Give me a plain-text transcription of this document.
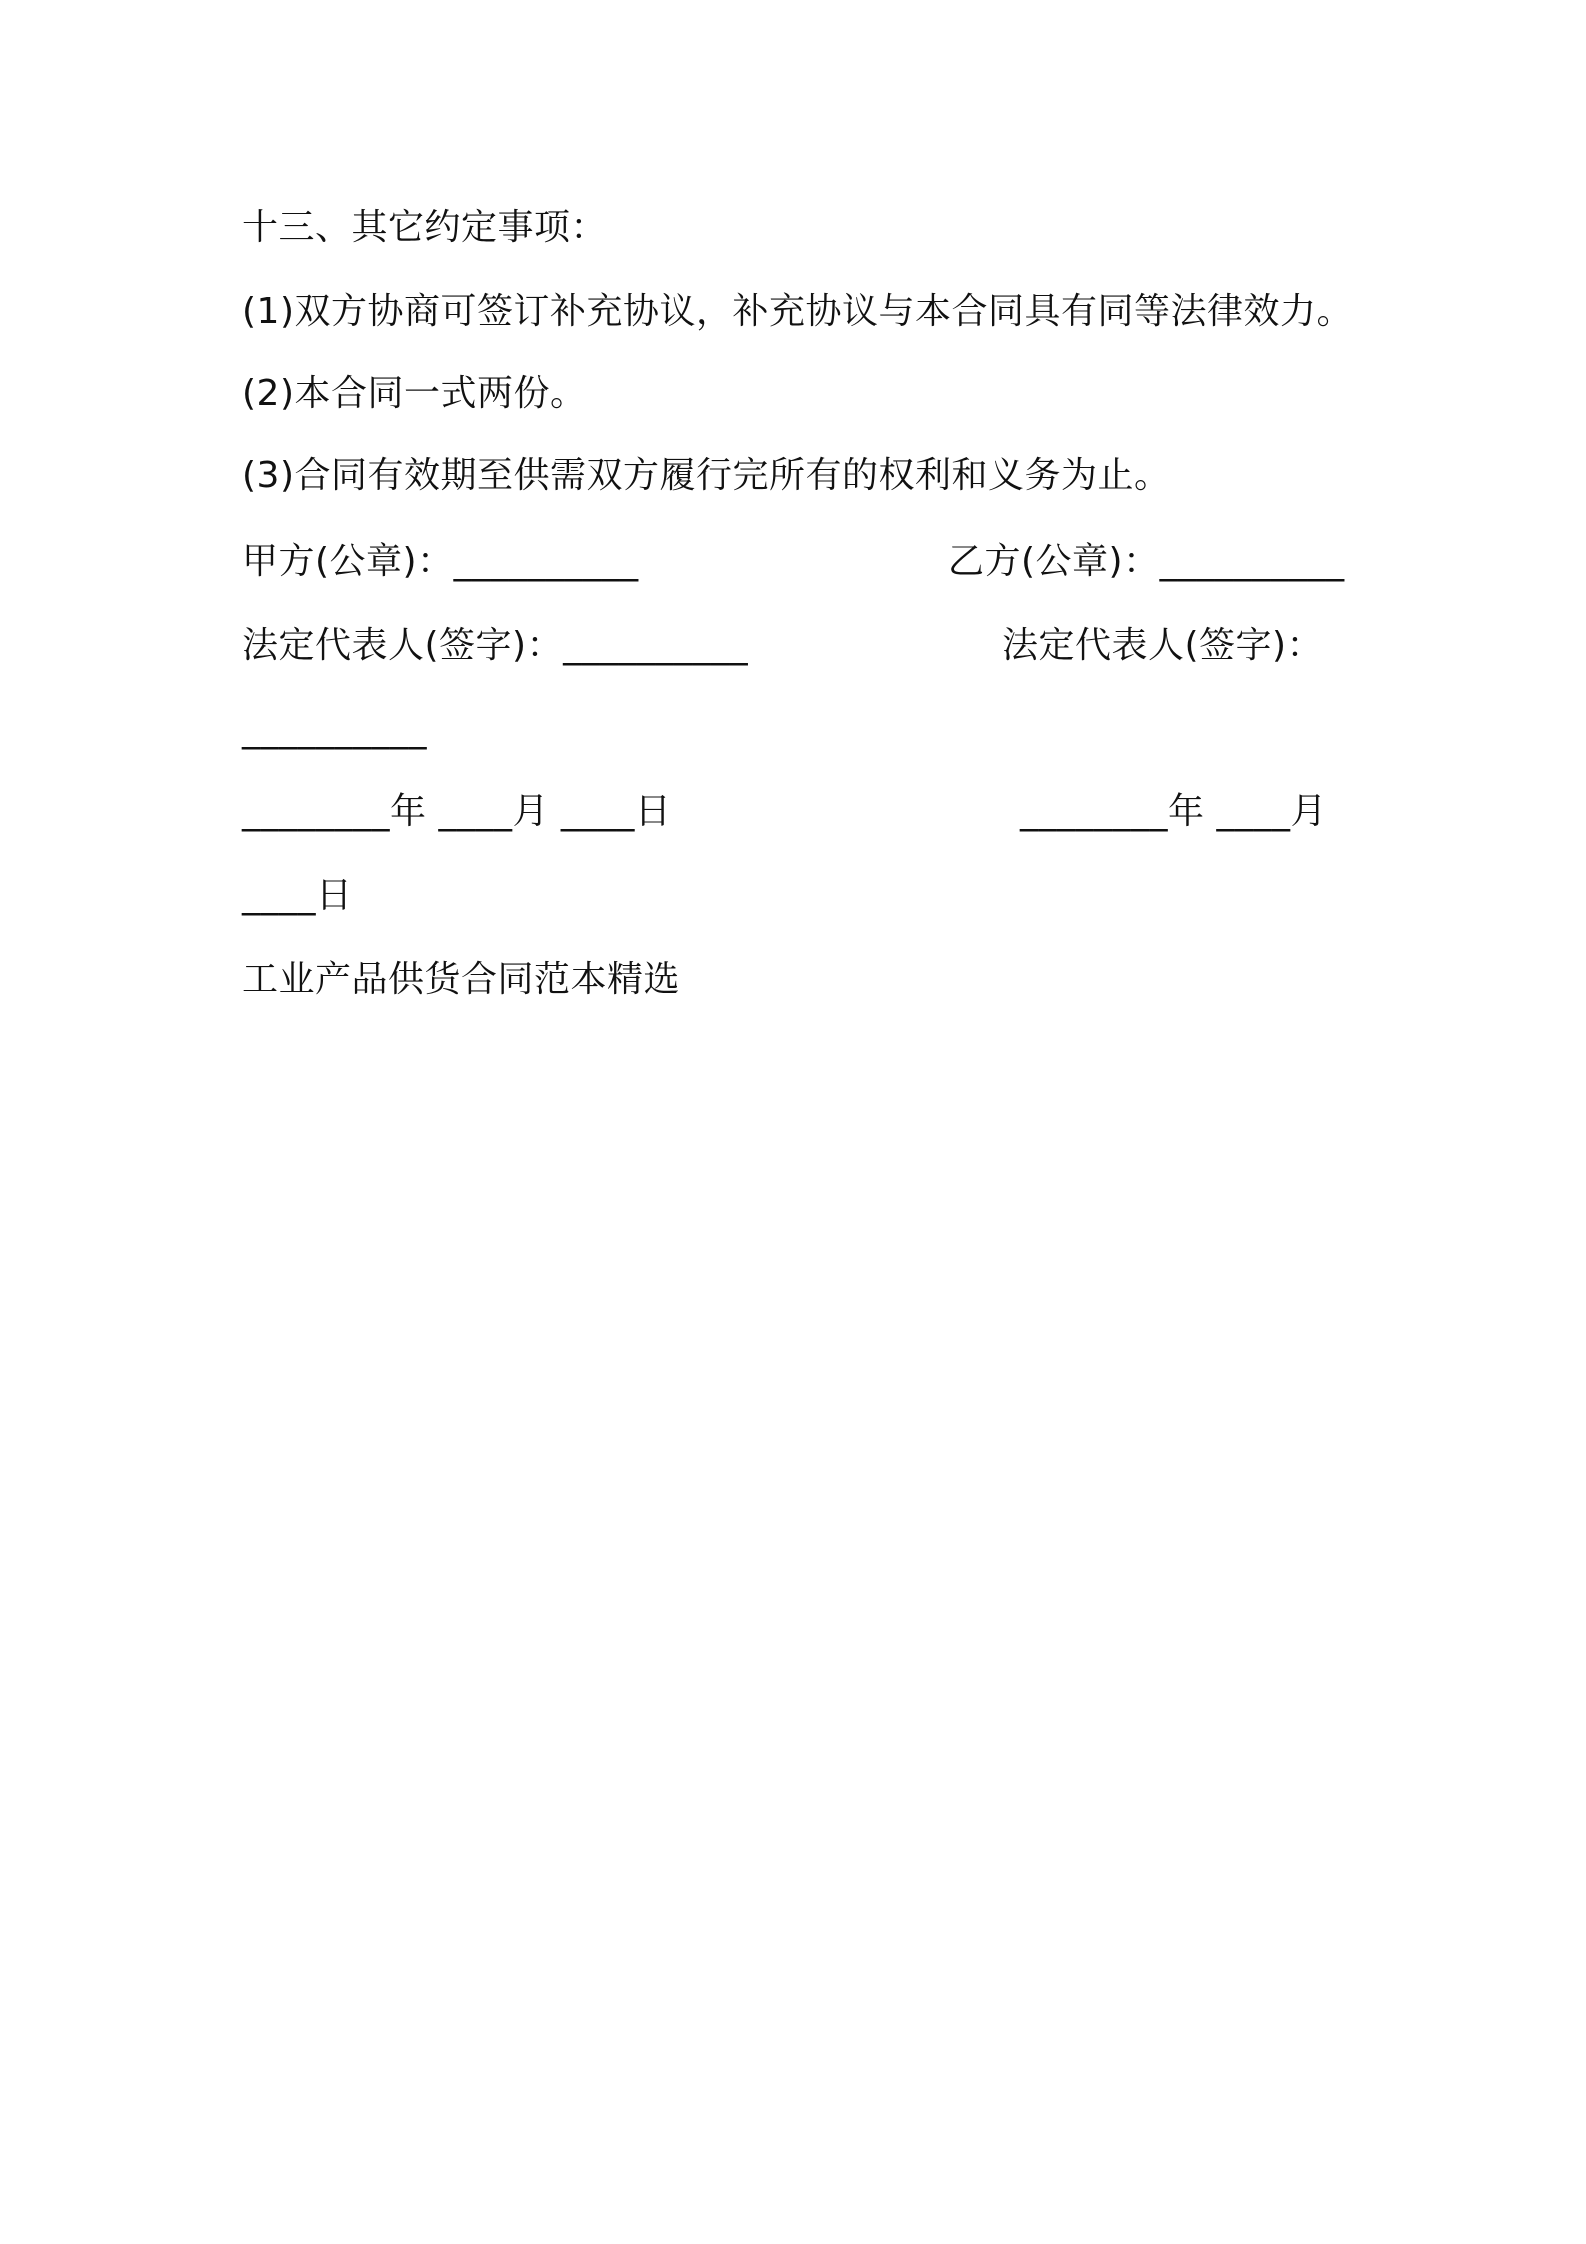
十三、其它约定事项：
(1)双方协商可签订补充协议，补充协议与本合同具有同等法律效力。
(2)本合同一式两份。
(3)合同有效期至供需双方履行完所有的权利和义务为止。
甲方(公章)：__________	乙方(公章)：__________
法定代表人(签字)：__________	法定代表人(签字)：
__________
________年 ____月 ____日	________年 ____月
____日
工业产品供货合同范本精选
